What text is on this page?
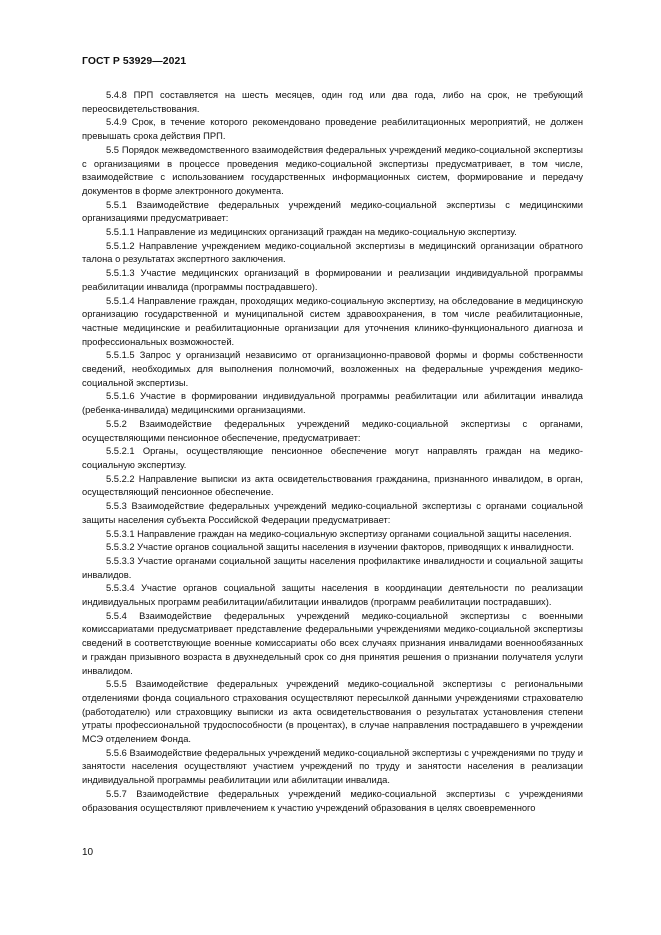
ГОСТ Р 53929—2021

5.4.8 ПРП составляется на шесть месяцев, один год или два года, либо на срок, не требующий переосвидетельствования.

5.4.9 Срок, в течение которого рекомендовано проведение реабилитационных мероприятий, не должен превышать срока действия ПРП.

5.5 Порядок межведомственного взаимодействия федеральных учреждений медико-социальной экспертизы с организациями в процессе проведения медико-социальной экспертизы предусматривает, в том числе, взаимодействие с использованием государственных информационных систем, формирование и передачу документов в форме электронного документа.

5.5.1 Взаимодействие федеральных учреждений медико-социальной экспертизы с медицинскими организациями предусматривает:

5.5.1.1 Направление из медицинских организаций граждан на медико-социальную экспертизу.

5.5.1.2 Направление учреждением медико-социальной экспертизы в медицинский организации обратного талона о результатах экспертного заключения.

5.5.1.3 Участие медицинских организаций в формировании и реализации индивидуальной программы реабилитации инвалида (программы пострадавшего).

5.5.1.4 Направление граждан, проходящих медико-социальную экспертизу, на обследование в медицинскую организацию государственной и муниципальной систем здравоохранения, в том числе реабилитационные, частные медицинские и реабилитационные организации для уточнения клинико-функционального диагноза и профессиональных возможностей.

5.5.1.5 Запрос у организаций независимо от организационно-правовой формы и формы собственности сведений, необходимых для выполнения полномочий, возложенных на федеральные учреждения медико-социальной экспертизы.

5.5.1.6 Участие в формировании индивидуальной программы реабилитации или абилитации инвалида (ребенка-инвалида) медицинскими организациями.

5.5.2 Взаимодействие федеральных учреждений медико-социальной экспертизы с органами, осуществляющими пенсионное обеспечение, предусматривает:

5.5.2.1 Органы, осуществляющие пенсионное обеспечение могут направлять граждан на медико-социальную экспертизу.

5.5.2.2 Направление выписки из акта освидетельствования гражданина, признанного инвалидом, в орган, осуществляющий пенсионное обеспечение.

5.5.3 Взаимодействие федеральных учреждений медико-социальной экспертизы с органами социальной защиты населения субъекта Российской Федерации предусматривает:

5.5.3.1 Направление граждан на медико-социальную экспертизу органами социальной защиты населения.

5.5.3.2 Участие органов социальной защиты населения в изучении факторов, приводящих к инвалидности.

5.5.3.3 Участие органами социальной защиты населения профилактике инвалидности и социальной защиты инвалидов.

5.5.3.4 Участие органов социальной защиты населения в координации деятельности по реализации индивидуальных программ реабилитации/абилитации инвалидов (программ реабилитации пострадавших).

5.5.4 Взаимодействие федеральных учреждений медико-социальной экспертизы с военными комиссариатами предусматривает представление федеральными учреждениями медико-социальной экспертизы сведений в соответствующие военные комиссариаты обо всех случаях признания инвалидами военнообязанных и граждан призывного возраста в двухнедельный срок со дня принятия решения о признании получателя услуги инвалидом.

5.5.5 Взаимодействие федеральных учреждений медико-социальной экспертизы с региональными отделениями фонда социального страхования осуществляют пересылкой данными учреждениями страхователю (работодателю) или страховщику выписки из акта освидетельствования о результатах установления степени утраты профессиональной трудоспособности (в процентах), в случае направления пострадавшего в учреждении МСЭ отделением Фонда.

5.5.6 Взаимодействие федеральных учреждений медико-социальной экспертизы с учреждениями по труду и занятости населения осуществляют участием учреждений по труду и занятости населения в реализации индивидуальной программы реабилитации или абилитации инвалида.

5.5.7 Взаимодействие федеральных учреждений медико-социальной экспертизы с учреждениями образования осуществляют привлечением к участию учреждений образования в целях своевременного

10
